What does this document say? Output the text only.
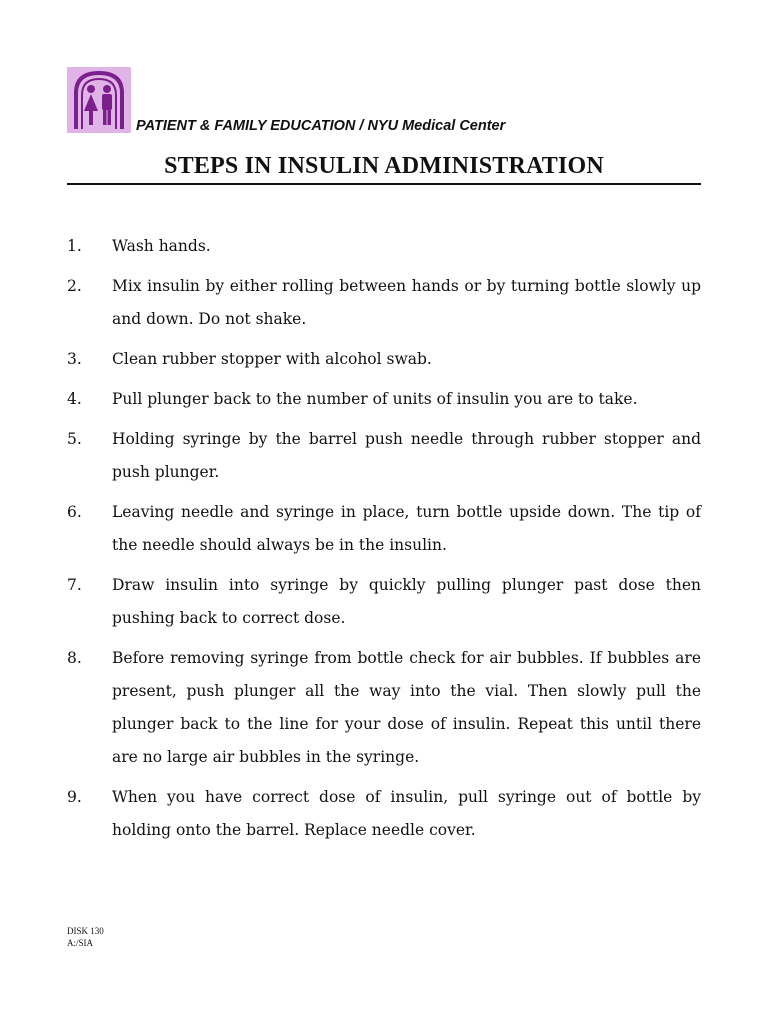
PATIENT & FAMILY EDUCATION / NYU Medical Center
STEPS IN INSULIN ADMINISTRATION
1.	Wash hands.
2.	Mix insulin by either rolling between hands or by turning bottle slowly up and down. Do not shake.
3.	Clean rubber stopper with alcohol swab.
4.	Pull plunger back to the number of units of insulin you are to take.
5.	Holding syringe by the barrel push needle through rubber stopper and push plunger.
6.	Leaving needle and syringe in place, turn bottle upside down. The tip of the needle should always be in the insulin.
7.	Draw insulin into syringe by quickly pulling plunger past dose then pushing back to correct dose.
8.	Before removing syringe from bottle check for air bubbles. If bubbles are present, push plunger all the way into the vial. Then slowly pull the plunger back to the line for your dose of insulin. Repeat this until there are no large air bubbles in the syringe.
9.	When you have correct dose of insulin, pull syringe out of bottle by holding onto the barrel. Replace needle cover.
DISK 130
A:/SIA
